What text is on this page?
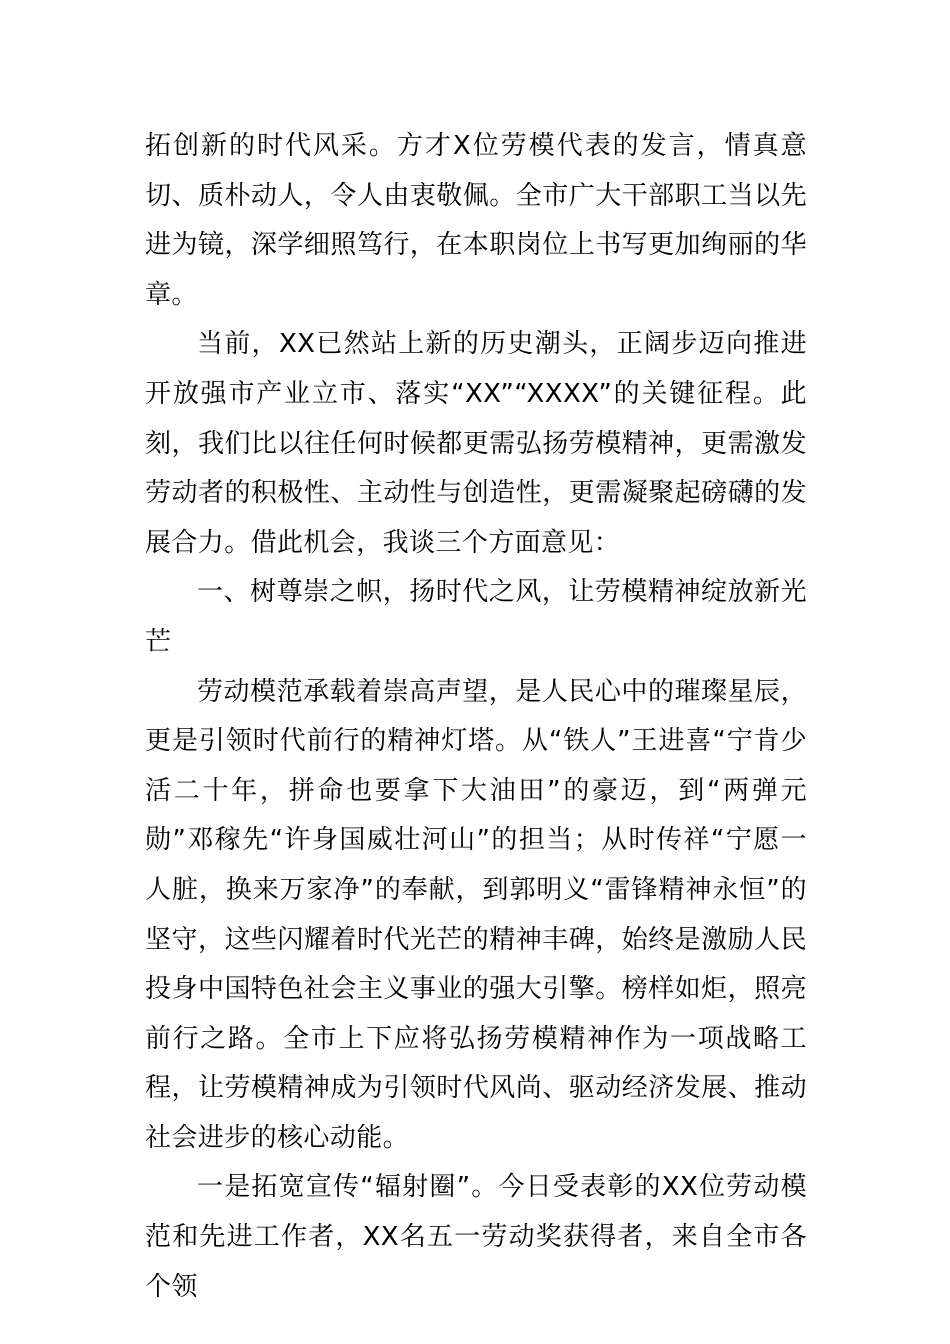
拓创新的时代风采。方才X位劳模代表的发言，情真意切、质朴动人，令人由衷敬佩。全市广大干部职工当以先进为镜，深学细照笃行，在本职岗位上书写更加绚丽的华章。

当前，XX已然站上新的历史潮头，正阔步迈向推进开放强市产业立市、落实“XX”“XXXX”的关键征程。此刻，我们比以往任何时候都更需弘扬劳模精神，更需激发劳动者的积极性、主动性与创造性，更需凝聚起磅礴的发展合力。借此机会，我谈三个方面意见：

一、树尊崇之帜，扬时代之风，让劳模精神绽放新光芒

劳动模范承载着崇高声望，是人民心中的璀璨星辰，更是引领时代前行的精神灯塔。从“铁人”王进喜“宁肯少活二十年，拼命也要拿下大油田”的豪迈，到“两弹元勋”邓稼先“许身国威壮河山”的担当；从时传祥“宁愿一人脏，换来万家净”的奉献，到郭明义“雷锋精神永恒”的坚守，这些闪耀着时代光芒的精神丰碑，始终是激励人民投身中国特色社会主义事业的强大引擎。榜样如炬，照亮前行之路。全市上下应将弘扬劳模精神作为一项战略工程，让劳模精神成为引领时代风尚、驱动经济发展、推动社会进步的核心动能。

一是拓宽宣传“辐射圈”。今日受表彰的XX位劳动模范和先进工作者，XX名五一劳动奖获得者，来自全市各个领
